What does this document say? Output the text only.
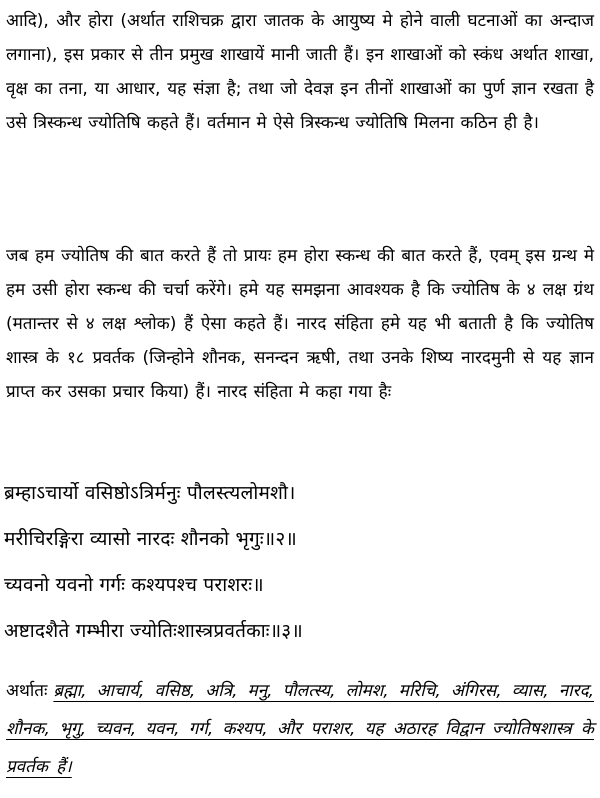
आदि), और होरा (अर्थात राशिचक्र द्वारा जातक के आयुष्य मे होने वाली घटनाओं का अन्दाज लगाना), इस प्रकार से तीन प्रमुख शाखायें मानी जाती हैं। इन शाखाओं को स्कंध अर्थात शाखा, वृक्ष का तना, या आधार, यह संज्ञा है; तथा जो देवज्ञ इन तीनों शाखाओं का पुर्ण ज्ञान रखता है उसे त्रिस्कन्ध ज्योतिषि कहते हैं। वर्तमान मे ऐसे त्रिस्कन्ध ज्योतिषि मिलना कठिन ही है।

जब हम ज्योतिष की बात करते हैं तो प्रायः हम होरा स्कन्ध की बात करते हैं, एवम् इस ग्रन्थ मे हम उसी होरा स्कन्ध की चर्चा करेंगे। हमे यह समझना आवश्यक है कि ज्योतिष के ४ लक्ष ग्रंथ (मतान्तर से ४ लक्ष श्लोक) हैं ऐसा कहते हैं। नारद संहिता हमे यह भी बताती है कि ज्योतिष शास्त्र के १८ प्रवर्तक (जिन्होने शौनक, सनन्दन ऋषी, तथा उनके शिष्य नारदमुनी से यह ज्ञान प्राप्त कर उसका प्रचार किया) हैं। नारद संहिता मे कहा गया हैः

ब्रम्हाऽचार्यो वसिष्ठोऽत्रिर्मनुः पौलस्त्यलोमशौ।

मरीचिरङ्गिरा व्यासो नारदः शौनको भृगुः॥२॥

च्यवनो यवनो गर्गः कश्यपश्च पराशरः॥

अष्टादशैते गम्भीरा ज्योतिःशास्त्रप्रवर्तकाः॥३॥

अर्थातः ब्रह्मा, आचार्य, वसिष्ठ, अत्रि, मनु, पौलत्स्य, लोमश, मरिचि, अंगिरस, व्यास, नारद, शौनक, भृगु, च्यवन, यवन, गर्ग, कश्यप, और पराशर, यह अठारह विद्वान ज्योतिषशास्त्र के प्रवर्तक हैं।
